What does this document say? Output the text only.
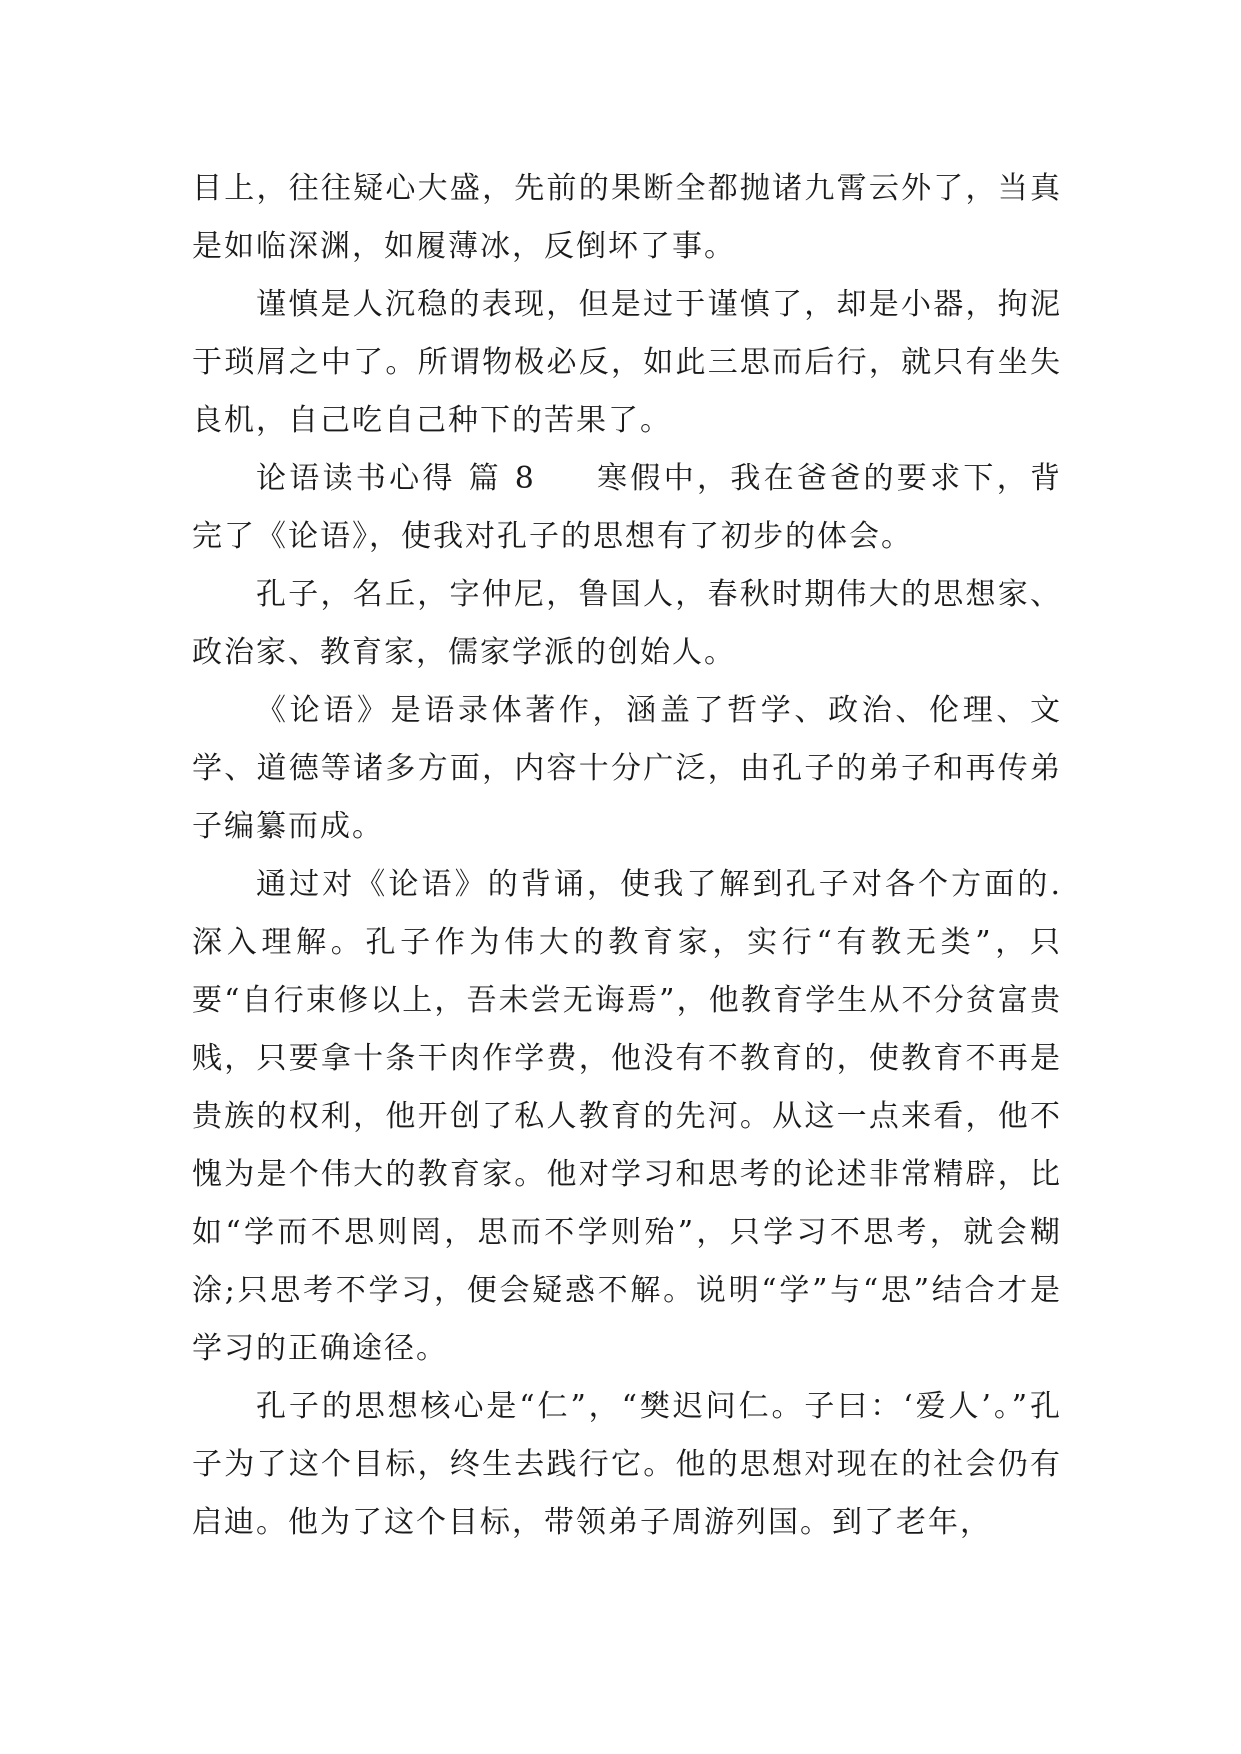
目上，往往疑心大盛，先前的果断全都抛诸九霄云外了，当真是如临深渊，如履薄冰，反倒坏了事。

谨慎是人沉稳的表现，但是过于谨慎了，却是小器，拘泥于琐屑之中了。所谓物极必反，如此三思而后行，就只有坐失良机，自己吃自己种下的苦果了。

论语读书心得 篇 8 寒假中，我在爸爸的要求下，背完了《论语》，使我对孔子的思想有了初步的体会。

孔子，名丘，字仲尼，鲁国人，春秋时期伟大的思想家、政治家、教育家，儒家学派的创始人。

《论语》是语录体著作，涵盖了哲学、政治、伦理、文学、道德等诸多方面，内容十分广泛，由孔子的弟子和再传弟子编纂而成。

通过对《论语》的背诵，使我了解到孔子对各个方面的.深入理解。孔子作为伟大的教育家，实行“有教无类”，只要“自行束修以上，吾未尝无诲焉”，他教育学生从不分贫富贵贱，只要拿十条干肉作学费，他没有不教育的，使教育不再是贵族的权利，他开创了私人教育的先河。从这一点来看，他不愧为是个伟大的教育家。他对学习和思考的论述非常精辟，比如“学而不思则罔，思而不学则殆”，只学习不思考，就会糊涂;只思考不学习，便会疑惑不解。说明“学”与“思”结合才是学习的正确途径。

孔子的思想核心是“仁”，“樊迟问仁。子曰：‘爱人’。”孔子为了这个目标，终生去践行它。他的思想对现在的社会仍有启迪。他为了这个目标，带领弟子周游列国。到了老年，
